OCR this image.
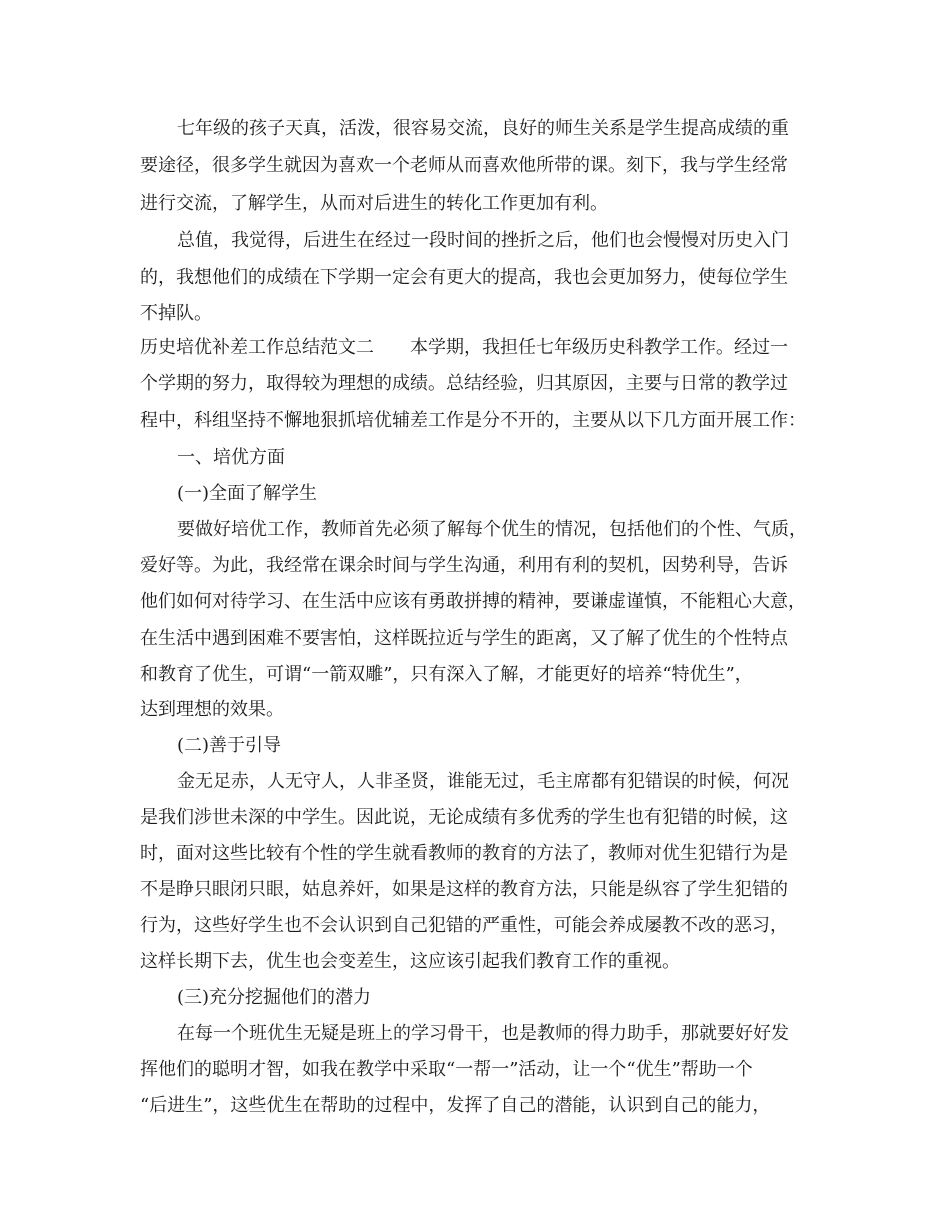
七年级的孩子天真，活泼，很容易交流，良好的师生关系是学生提高成绩的重
要途径，很多学生就因为喜欢一个老师从而喜欢他所带的课。刻下，我与学生经常
进行交流，了解学生，从而对后进生的转化工作更加有利。
总值，我觉得，后进生在经过一段时间的挫折之后，他们也会慢慢对历史入门
的，我想他们的成绩在下学期一定会有更大的提高，我也会更加努力，使每位学生
不掉队。
历史培优补差工作总结范文二　　本学期，我担任七年级历史科教学工作。经过一
个学期的努力，取得较为理想的成绩。总结经验，归其原因，主要与日常的教学过
程中，科组坚持不懈地狠抓培优辅差工作是分不开的，主要从以下几方面开展工作：
一、培优方面
(一)全面了解学生
要做好培优工作，教师首先必须了解每个优生的情况，包括他们的个性、气质，
爱好等。为此，我经常在课余时间与学生沟通，利用有利的契机，因势利导，告诉
他们如何对待学习、在生活中应该有勇敢拼搏的精神，要谦虚谨慎，不能粗心大意，
在生活中遇到困难不要害怕，这样既拉近与学生的距离，又了解了优生的个性特点
和教育了优生，可谓“一箭双雕”，只有深入了解，才能更好的培养“特优生”，
达到理想的效果。
(二)善于引导
金无足赤，人无守人，人非圣贤，谁能无过，毛主席都有犯错误的时候，何况
是我们涉世未深的中学生。因此说，无论成绩有多优秀的学生也有犯错的时候，这
时，面对这些比较有个性的学生就看教师的教育的方法了，教师对优生犯错行为是
不是睁只眼闭只眼，姑息养奸，如果是这样的教育方法，只能是纵容了学生犯错的
行为，这些好学生也不会认识到自己犯错的严重性，可能会养成屡教不改的恶习，
这样长期下去，优生也会变差生，这应该引起我们教育工作的重视。
(三)充分挖掘他们的潜力
在每一个班优生无疑是班上的学习骨干，也是教师的得力助手，那就要好好发
挥他们的聪明才智，如我在教学中采取“一帮一”活动，让一个“优生”帮助一个
“后进生”，这些优生在帮助的过程中，发挥了自己的潜能，认识到自己的能力，
